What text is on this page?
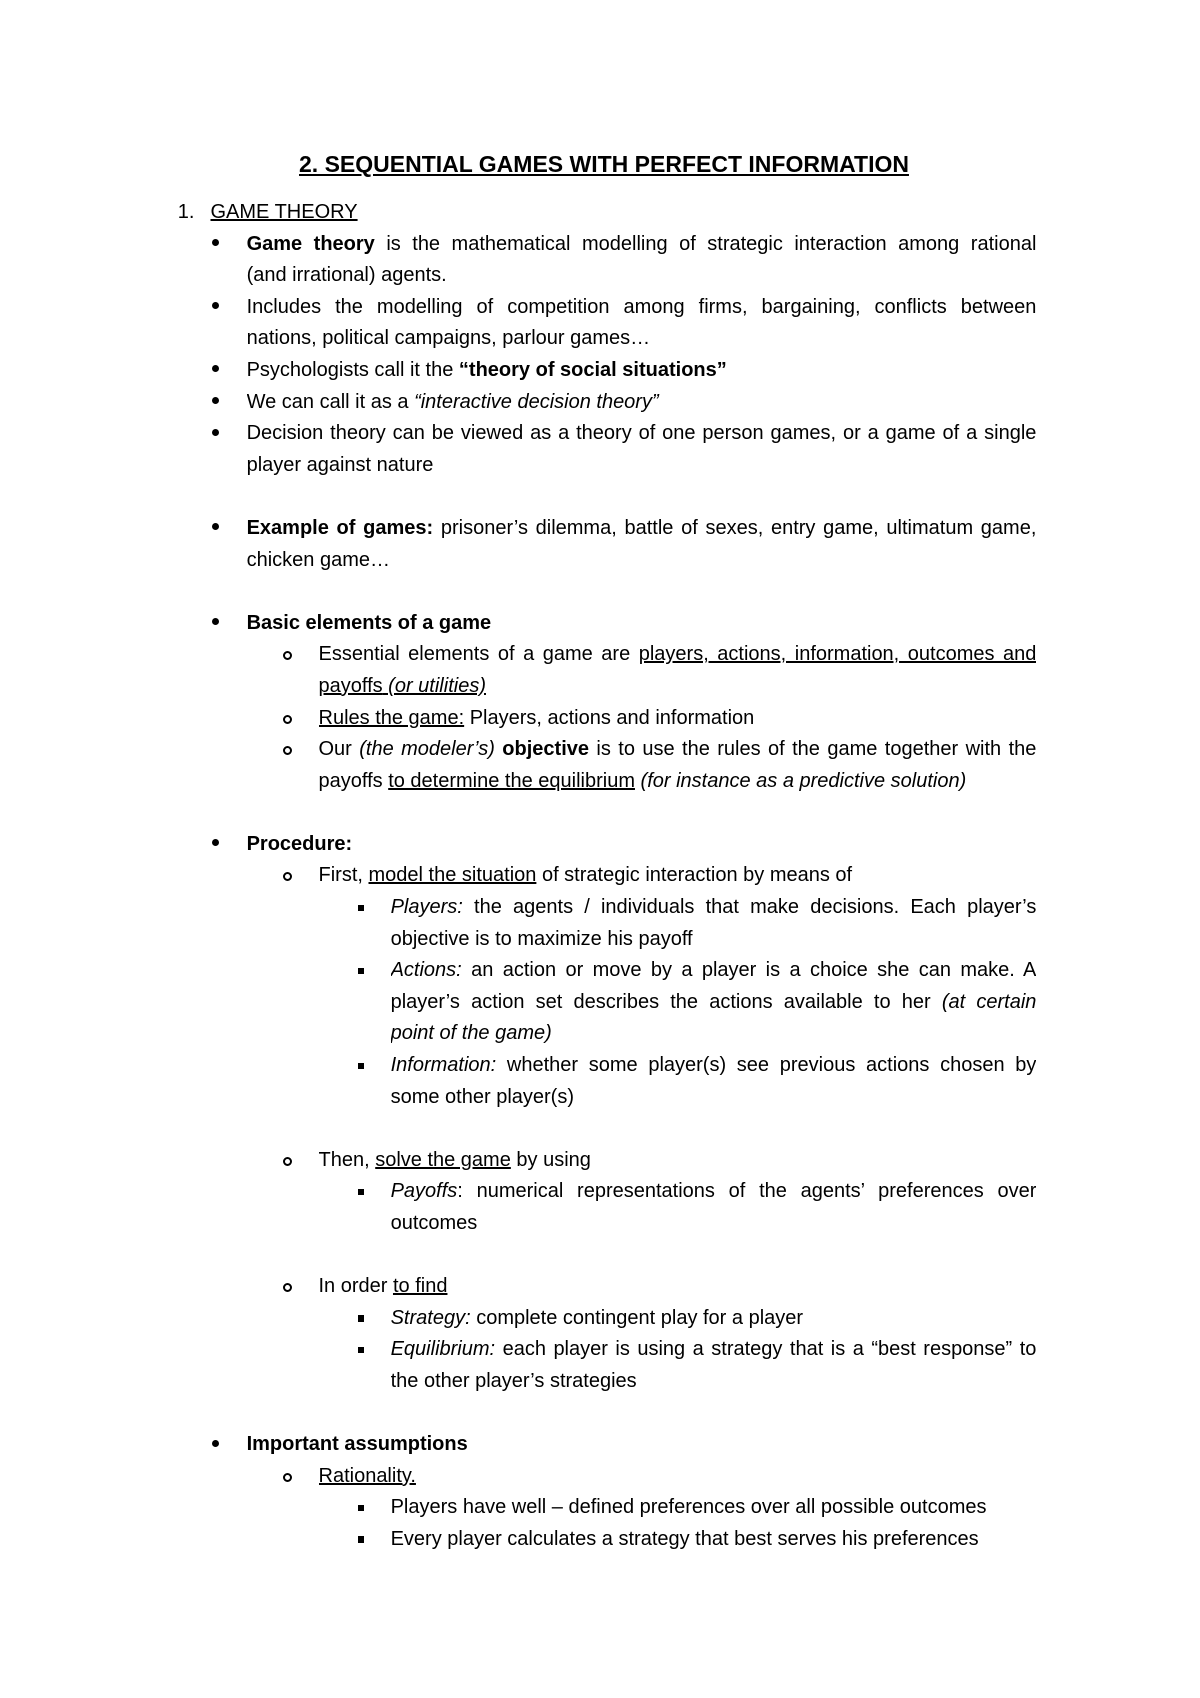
2. SEQUENTIAL GAMES WITH PERFECT INFORMATION
1. GAME THEORY
Game theory is the mathematical modelling of strategic interaction among rational
(and irrational) agents.
Includes the modelling of competition among firms, bargaining, conflicts between
nations, political campaigns, parlour games…
Psychologists call it the “theory of social situations”
We can call it as a “interactive decision theory”
Decision theory can be viewed as a theory of one person games, or a game of a single
player against nature
Example of games: prisoner’s dilemma, battle of sexes, entry game, ultimatum game,
chicken game…
Basic elements of a game
Essential elements of a game are players, actions, information, outcomes and
payoffs (or utilities)
Rules the game: Players, actions and information
Our (the modeler’s) objective is to use the rules of the game together with the
payoffs to determine the equilibrium (for instance as a predictive solution)
Procedure:
First, model the situation of strategic interaction by means of
Players: the agents / individuals that make decisions. Each player’s
objective is to maximize his payoff
Actions: an action or move by a player is a choice she can make. A
player’s action set describes the actions available to her (at certain
point of the game)
Information: whether some player(s) see previous actions chosen by
some other player(s)
Then, solve the game by using
Payoffs: numerical representations of the agents’ preferences over
outcomes
In order to find
Strategy: complete contingent play for a player
Equilibrium: each player is using a strategy that is a “best response” to
the other player’s strategies
Important assumptions
Rationality.
Players have well – defined preferences over all possible outcomes
Every player calculates a strategy that best serves his preferences
